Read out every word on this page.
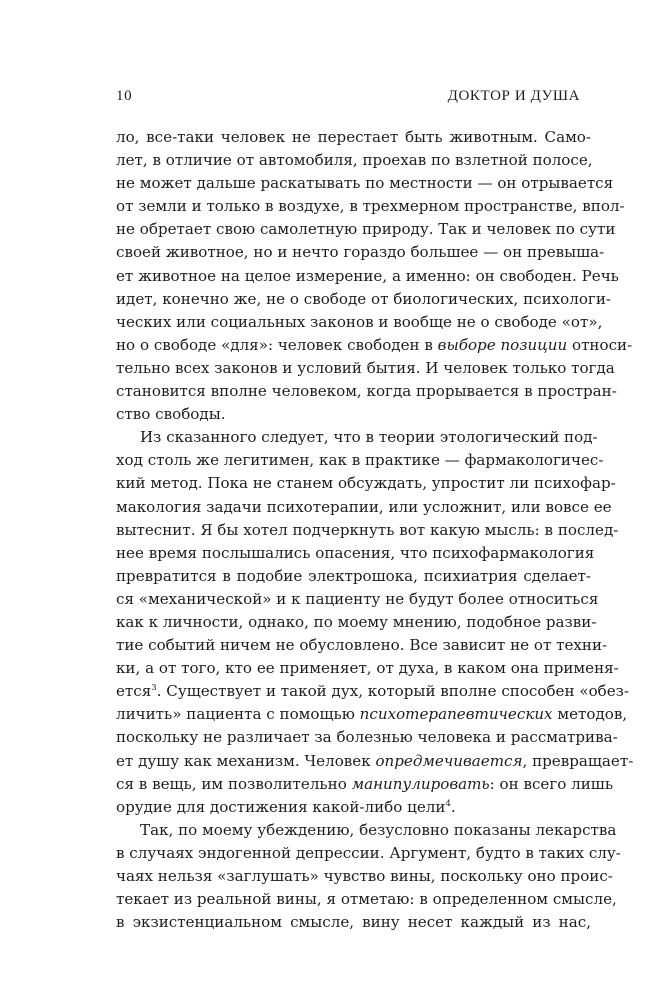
10	ДОКТОР И ДУША
ло, все-таки человек не перестает быть животным. Само-
лет, в отличие от автомобиля, проехав по взлетной полосе,
не может дальше раскатывать по местности — он отрывается
от земли и только в воздухе, в трехмерном пространстве, впол-
не обретает свою самолетную природу. Так и человек по сути
своей животное, но и нечто гораздо большее — он превыша-
ет животное на целое измерение, а именно: он свободен. Речь
идет, конечно же, не о свободе от биологических, психологи-
ческих или социальных законов и вообще не о свободе «от»,
но о свободе «для»: человек свободен в выборе позиции относи-
тельно всех законов и условий бытия. И человек только тогда
становится вполне человеком, когда прорывается в простран-
ство свободы.
Из сказанного следует, что в теории этологический под-
ход столь же легитимен, как в практике — фармакологичес-
кий метод. Пока не станем обсуждать, упростит ли психофар-
макология задачи психотерапии, или усложнит, или вовсе ее
вытеснит. Я бы хотел подчеркнуть вот какую мысль: в послед-
нее время послышались опасения, что психофармакология
превратится в подобие электрошока, психиатрия сделает-
ся «механической» и к пациенту не будут более относиться
как к личности, однако, по моему мнению, подобное разви-
тие событий ничем не обусловлено. Все зависит не от техни-
ки, а от того, кто ее применяет, от духа, в каком она применя-
ется$^3$. Существует и такой дух, который вполне способен «обез-
личить» пациента с помощью психотерапевтических методов,
поскольку не различает за болезнью человека и рассматрива-
ет душу как механизм. Человек опредмечивается, превращает-
ся в вещь, им позволительно манипулировать: он всего лишь
орудие для достижения какой-либо цели$^4$.
Так, по моему убеждению, безусловно показаны лекарства
в случаях эндогенной депрессии. Аргумент, будто в таких слу-
чаях нельзя «заглушать» чувство вины, поскольку оно проис-
текает из реальной вины, я отметаю: в определенном смысле,
в экзистенциальном смысле, вину несет каждый из нас,
